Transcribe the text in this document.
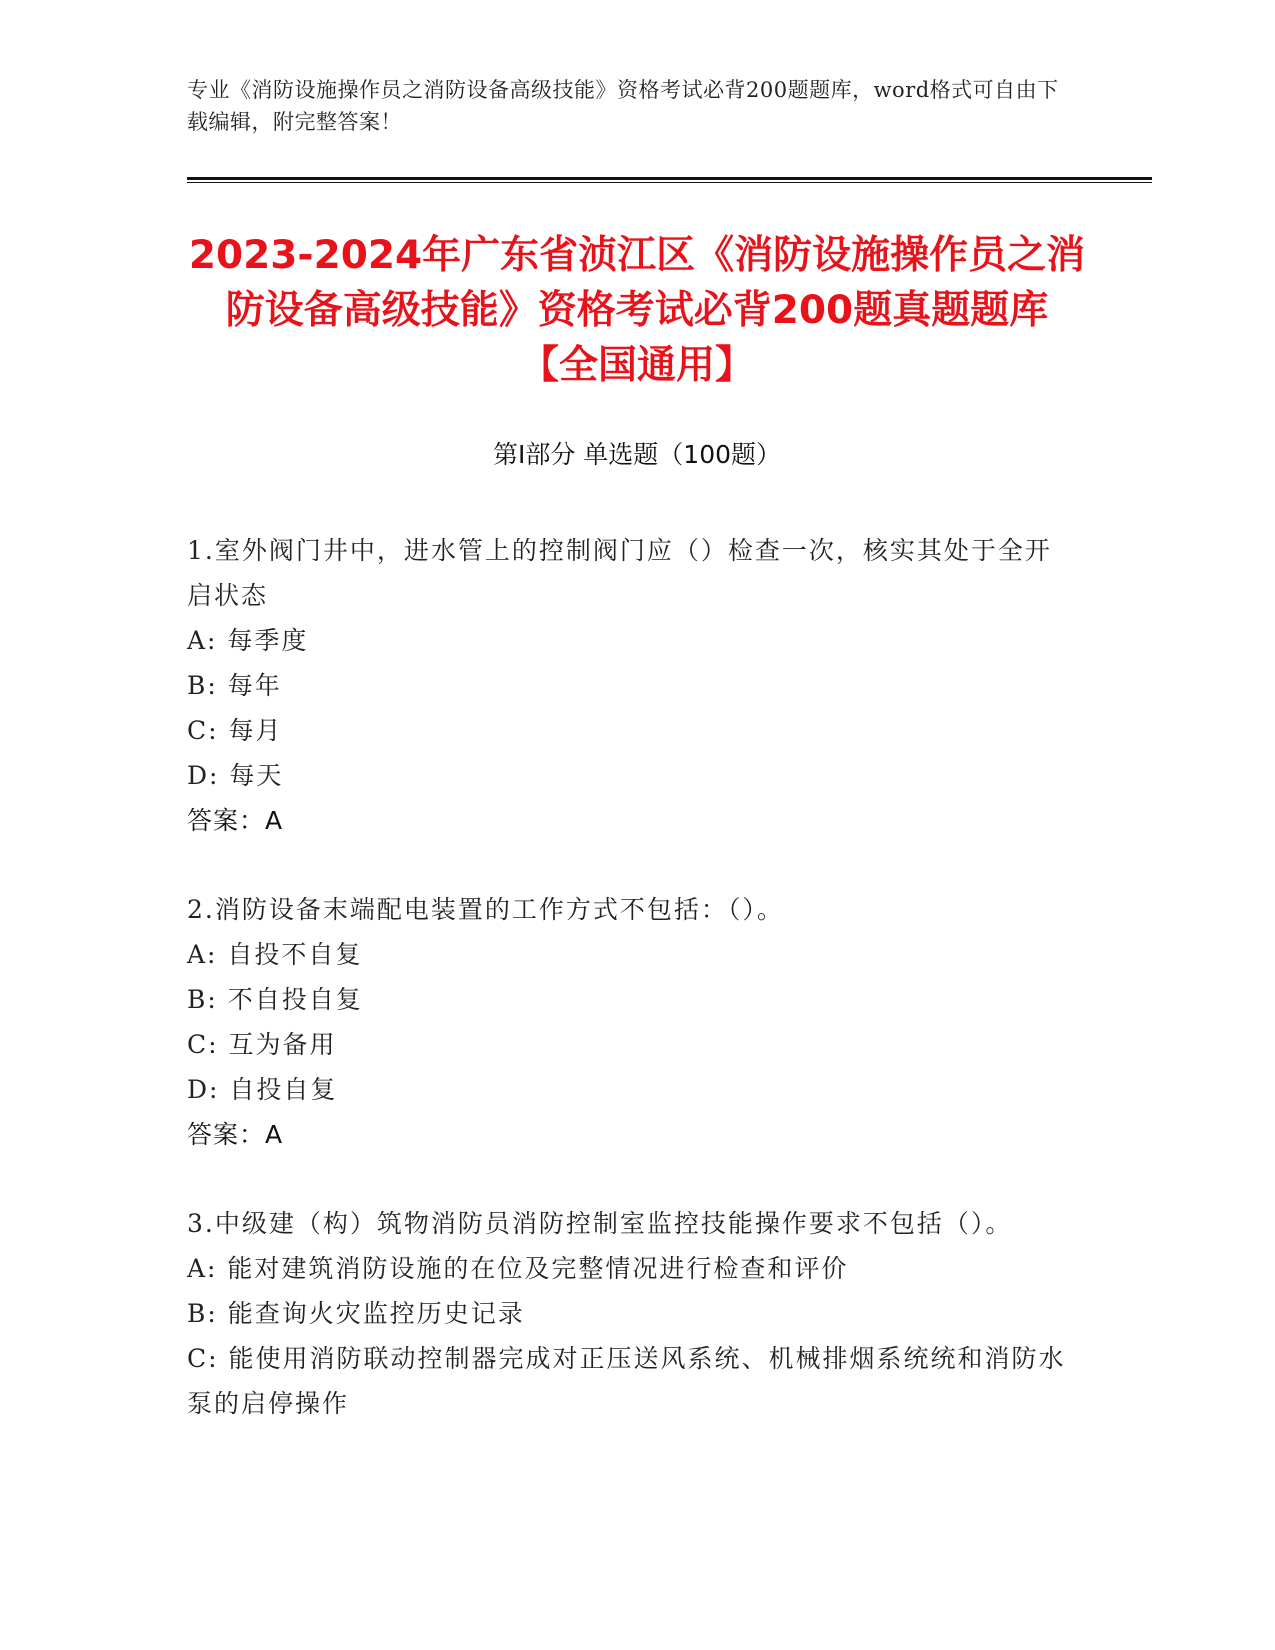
专业《消防设施操作员之消防设备高级技能》资格考试必背200题题库，word格式可自由下载编辑，附完整答案！
2023-2024年广东省浈江区《消防设施操作员之消防设备高级技能》资格考试必背200题真题题库【全国通用】
第Ⅰ部分 单选题（100题）

1.室外阀门井中，进水管上的控制阀门应（）检查一次，核实其处于全开启状态

A: 每季度

B: 每年

C: 每月

D: 每天

答案：A

2.消防设备末端配电装置的工作方式不包括：（）。

A: 自投不自复

B: 不自投自复

C: 互为备用

D: 自投自复

答案：A

3.中级建（构）筑物消防员消防控制室监控技能操作要求不包括（）。

A: 能对建筑消防设施的在位及完整情况进行检查和评价

B: 能查询火灾监控历史记录

C: 能使用消防联动控制器完成对正压送风系统、机械排烟系统统和消防水泵的启停操作
